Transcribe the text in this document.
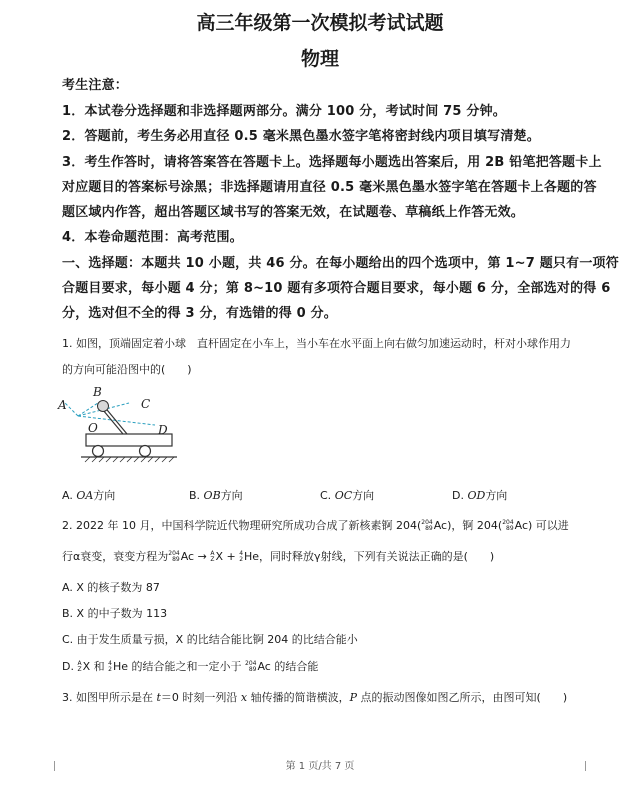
高三年级第一次模拟考试试题
物理
考生注意：
1．本试卷分选择题和非选择题两部分。满分 100 分，考试时间 75 分钟。
2．答题前，考生务必用直径 0.5 毫米黑色墨水签字笔将密封线内项目填写清楚。
3．考生作答时，请将答案答在答题卡上。选择题每小题选出答案后，用 2B 铅笔把答题卡上
对应题目的答案标号涂黑；非选择题请用直径 0.5 毫米黑色墨水签字笔在答题卡上各题的答
题区域内作答，超出答题区域书写的答案无效，在试题卷、草稿纸上作答无效。
4．本卷命题范围：高考范围。
一、选择题：本题共 10 小题，共 46 分。在每小题给出的四个选项中，第 1~7 题只有一项符
合题目要求，每小题 4 分；第 8~10 题有多项符合题目要求，每小题 6 分，全部选对的得 6
分，选对但不全的得 3 分，有选错的得 0 分。
1. 如图，顶端固定着小球　直杆固定在小车上，当小车在水平面上向右做匀加速运动时，杆对小球作用力
的方向可能沿图中的(　　)
A
B
C
D
O
A. OA方向	B. OB方向	C. OC方向	D. OD方向
2. 2022 年 10 月，中国科学院近代物理研究所成功合成了新核素锕 204(204
89Ac)，锕 204(204
89Ac) 可以进
行α衰变，衰变方程为204
89Ac → A
ZX + 4
2He，同时释放γ射线，下列有关说法正确的是(　　)
A. X 的核子数为 87
B. X 的中子数为 113
C. 由于发生质量亏损，X 的比结合能比锕 204 的比结合能小
D. A
ZX 和 4
2He 的结合能之和一定小于 204
89Ac 的结合能
3. 如图甲所示是在 t＝0 时刻一列沿 x 轴传播的简谐横波，P 点的振动图像如图乙所示，由图可知(　　)
第 1 页/共 7 页
